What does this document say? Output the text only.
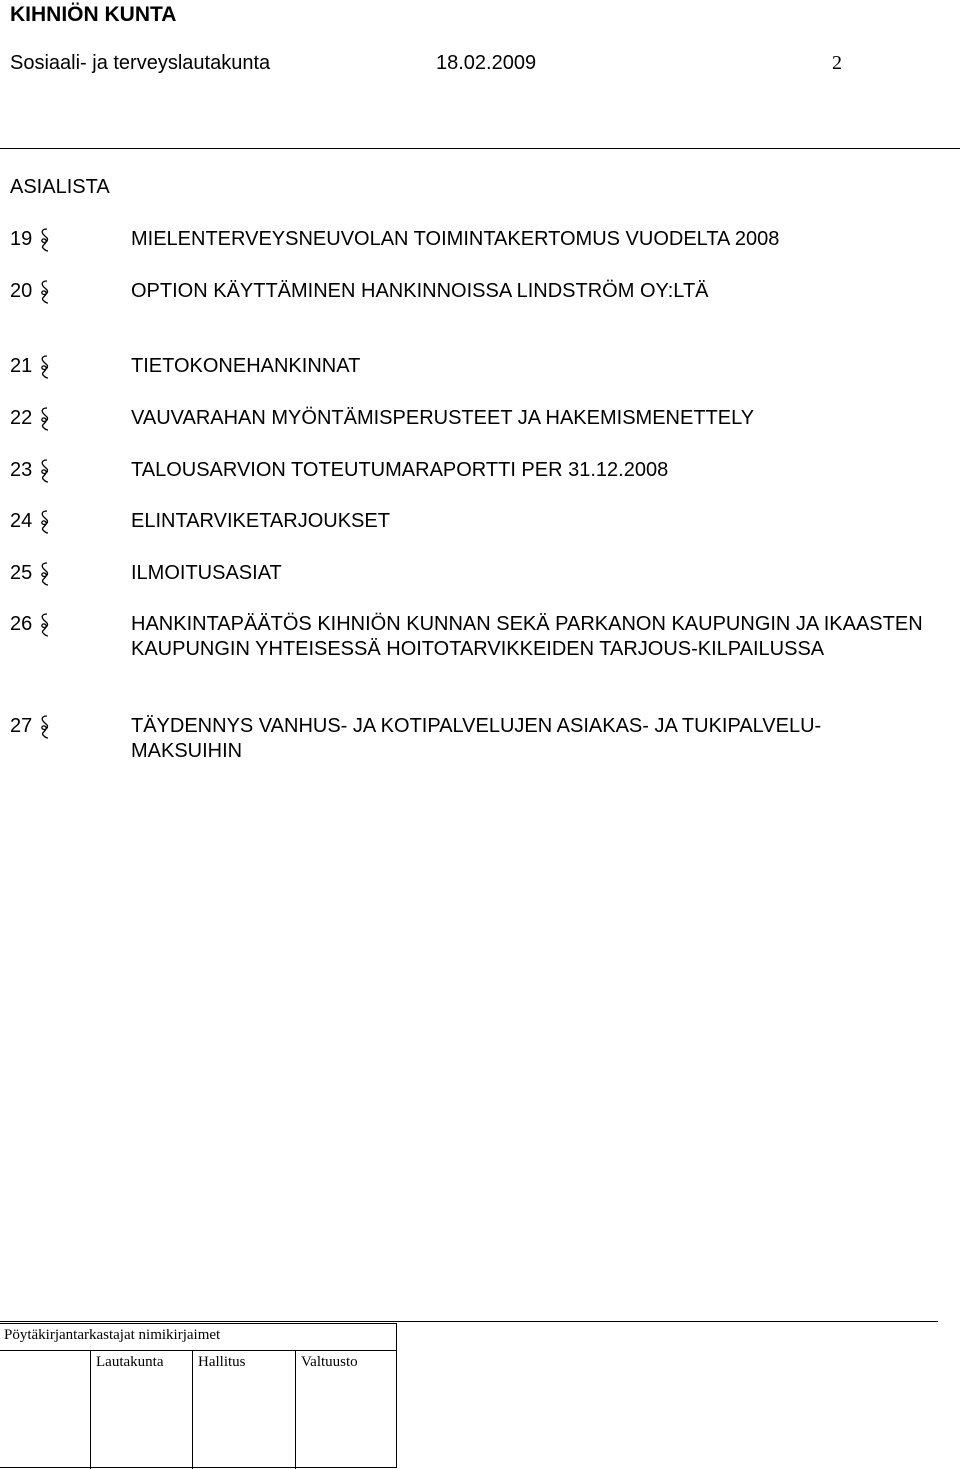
KIHNIÖN KUNTA
Sosiaali- ja terveyslautakunta	18.02.2009	2
ASIALISTA
19	MIELENTERVEYSNEUVOLAN TOIMINTAKERTOMUS VUODELTA 2008
20	OPTION KÄYTTÄMINEN HANKINNOISSA LINDSTRÖM OY:LTÄ
21	TIETOKONEHANKINNAT
22	VAUVARAHAN MYÖNTÄMISPERUSTEET JA HAKEMISMENETTELY
23	TALOUSARVION TOTEUTUMARAPORTTI PER 31.12.2008
24	ELINTARVIKETARJOUKSET
25	ILMOITUSASIAT
26	HANKINTAPÄÄTÖS KIHNIÖN KUNNAN SEKÄ PARKANON KAUPUNGIN JA IKAASTEN KAUPUNGIN YHTEISESSÄ HOITOTARVIKKEIDEN TARJOUS-KILPAILUSSA
27	TÄYDENNYS VANHUS- JA KOTIPALVELUJEN ASIAKAS- JA TUKIPALVELU-MAKSUIHIN
Pöytäkirjantarkastajat nimikirjaimet
Lautakunta Hallitus	Valtuusto
